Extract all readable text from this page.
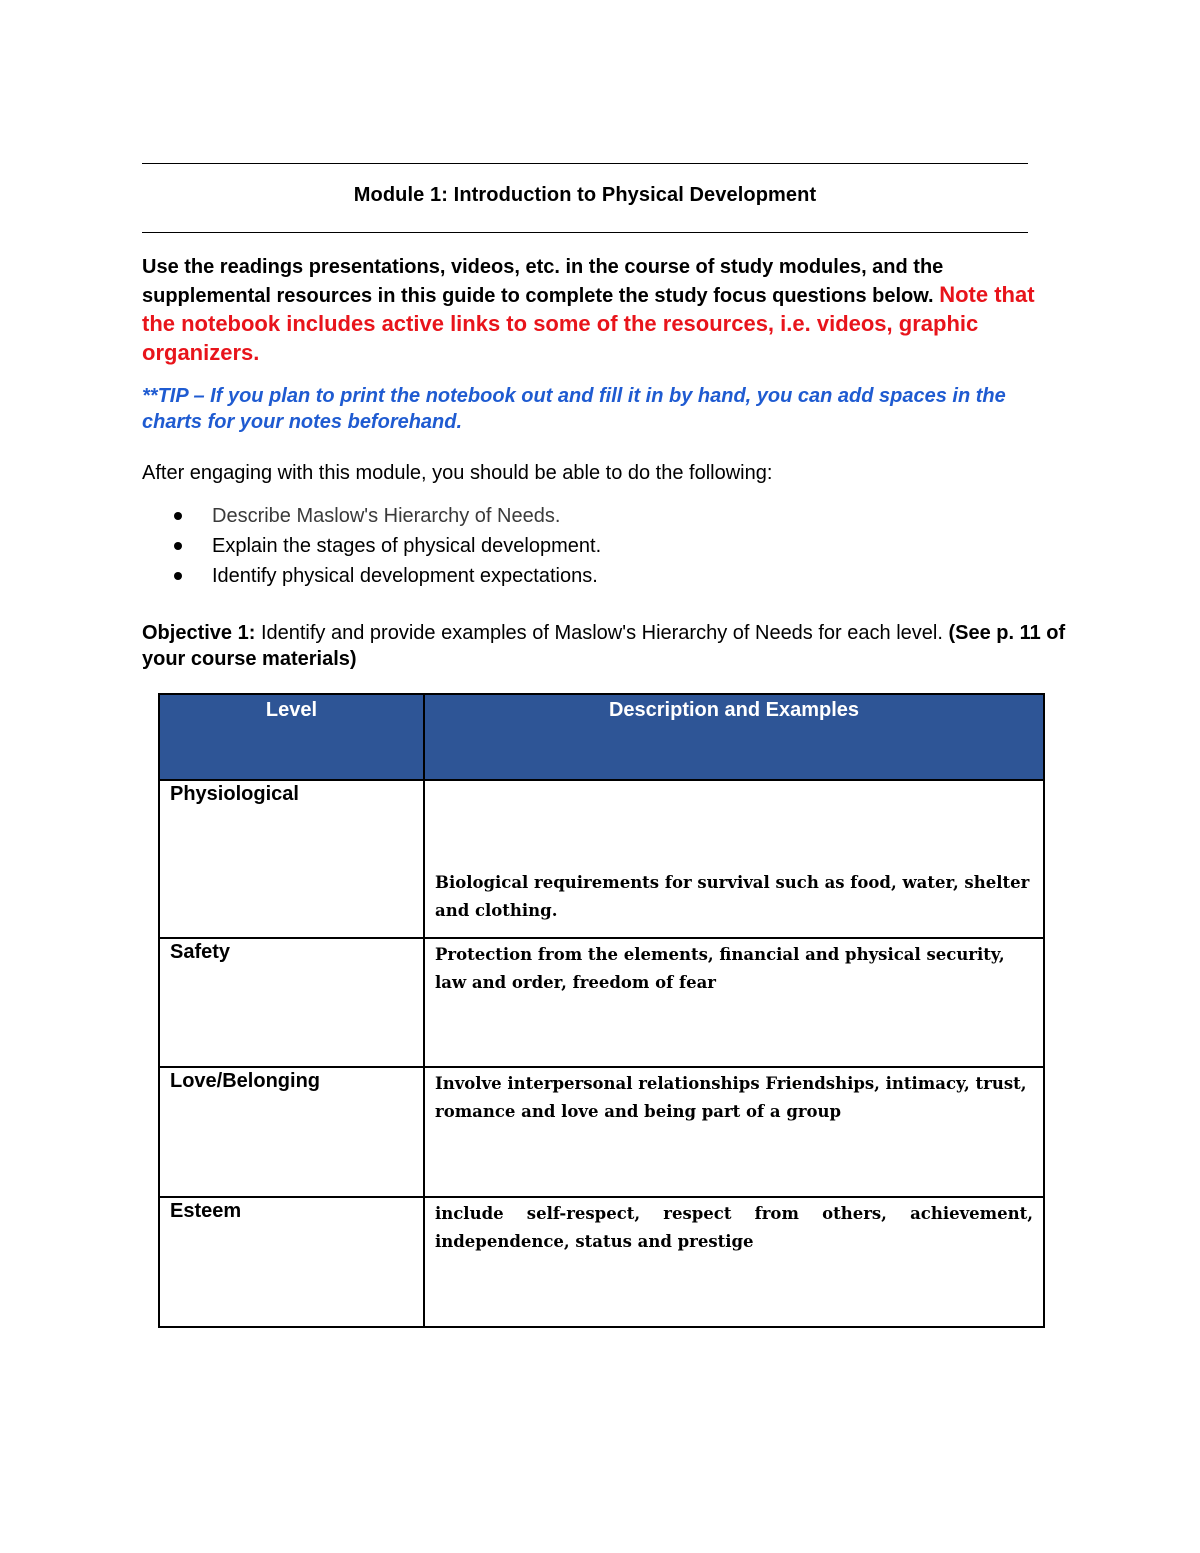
Module 1: Introduction to Physical Development
Use the readings presentations, videos, etc. in the course of study modules, and the supplemental resources in this guide to complete the study focus questions below. Note that the notebook includes active links to some of the resources, i.e. videos, graphic organizers.
**TIP – If you plan to print the notebook out and fill it in by hand, you can add spaces in the charts for your notes beforehand.
After engaging with this module, you should be able to do the following:
Describe Maslow's Hierarchy of Needs.
Explain the stages of physical development.
Identify physical development expectations.
Objective 1: Identify and provide examples of Maslow's Hierarchy of Needs for each level. (See p. 11 of your course materials)
Level	Description and Examples
Physiological	Biological requirements for survival such as food, water, shelter and clothing.
Safety	Protection from the elements, financial and physical security, law and order, freedom of fear
Love/Belonging	Involve interpersonal relationships Friendships, intimacy, trust, romance and love and being part of a group
Esteem	include self-respect, respect from others, achievement, independence, status and prestige
